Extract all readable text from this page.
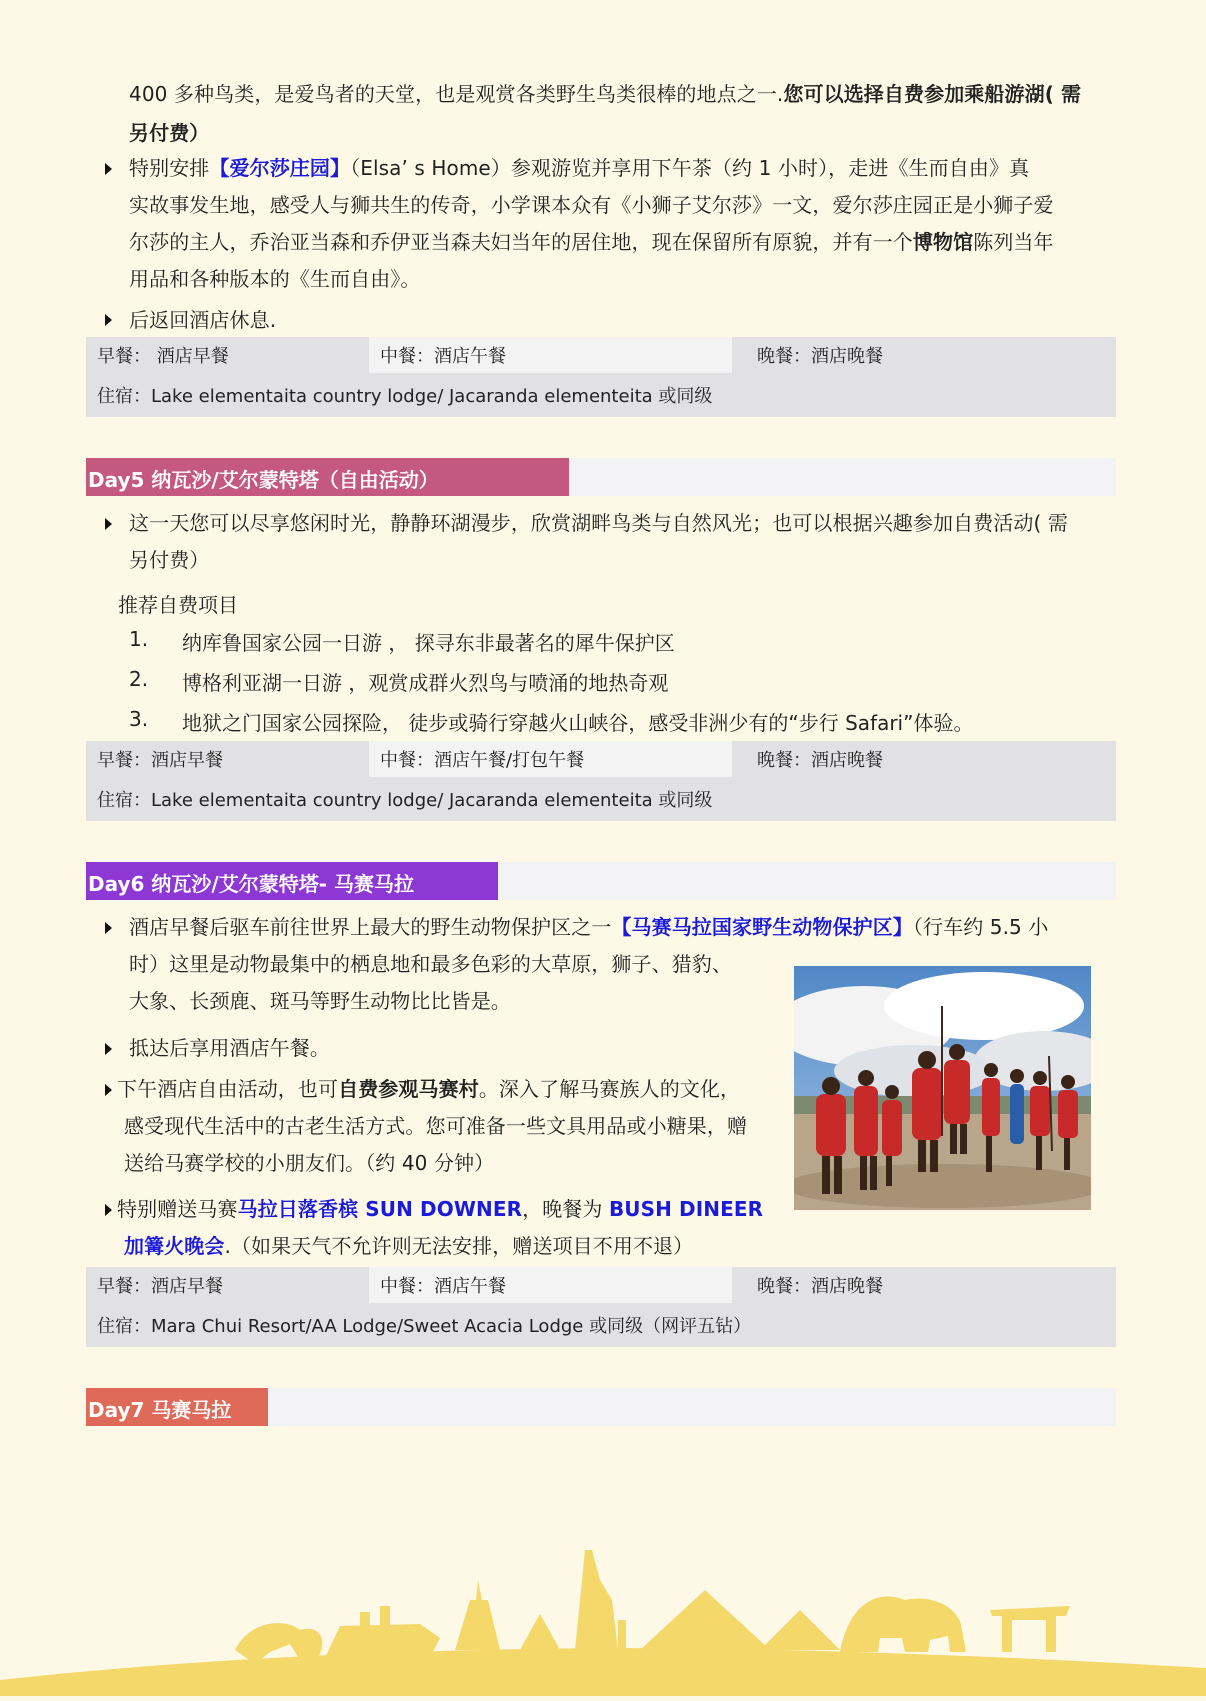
400 多种鸟类，是爱鸟者的天堂，也是观赏各类野生鸟类很棒的地点之一.您可以选择自费参加乘船游湖( 需
另付费）
特别安排【爱尔莎庄园】（Elsa’ s Home）参观游览并享用下午茶（约 1 小时），走进《生而自由》真
实故事发生地，感受人与狮共生的传奇，小学课本众有《小狮子艾尔莎》一文，爱尔莎庄园正是小狮子爱
尔莎的主人，乔治亚当森和乔伊亚当森夫妇当年的居住地，现在保留所有原貌，并有一个博物馆陈列当年
用品和各种版本的《生而自由》。
后返回酒店休息.
早餐： 酒店早餐	中餐：酒店午餐	晚餐：酒店晚餐
住宿：Lake elementaita country lodge/ Jacaranda elementeita 或同级
Day5 纳瓦沙/艾尔蒙特塔（自由活动）
这一天您可以尽享悠闲时光，静静环湖漫步，欣赏湖畔鸟类与自然风光；也可以根据兴趣参加自费活动( 需
另付费）
推荐自费项目
1. 纳库鲁国家公园一日游 ， 探寻东非最著名的犀牛保护区
2. 博格利亚湖一日游 ，观赏成群火烈鸟与喷涌的地热奇观
3. 地狱之门国家公园探险， 徒步或骑行穿越火山峡谷，感受非洲少有的“步行 Safari”体验。
早餐：酒店早餐	中餐：酒店午餐/打包午餐	晚餐：酒店晚餐
住宿：Lake elementaita country lodge/ Jacaranda elementeita 或同级
Day6 纳瓦沙/艾尔蒙特塔- 马赛马拉
酒店早餐后驱车前往世界上最大的野生动物保护区之一【马赛马拉国家野生动物保护区】（行车约 5.5 小
时）这里是动物最集中的栖息地和最多色彩的大草原，狮子、猎豹、
大象、长颈鹿、斑马等野生动物比比皆是。
抵达后享用酒店午餐。
下午酒店自由活动，也可自费参观马赛村。深入了解马赛族人的文化，
感受现代生活中的古老生活方式。您可准备一些文具用品或小糖果，赠
送给马赛学校的小朋友们。（约 40 分钟）
特别赠送马赛马拉日落香槟 SUN DOWNER，晚餐为 BUSH DINEER
加篝火晚会.（如果天气不允许则无法安排，赠送项目不用不退）
早餐：酒店早餐	中餐：酒店午餐	晚餐：酒店晚餐
住宿：Mara Chui Resort/AA Lodge/Sweet Acacia Lodge 或同级（网评五钻）
Day7 马赛马拉
